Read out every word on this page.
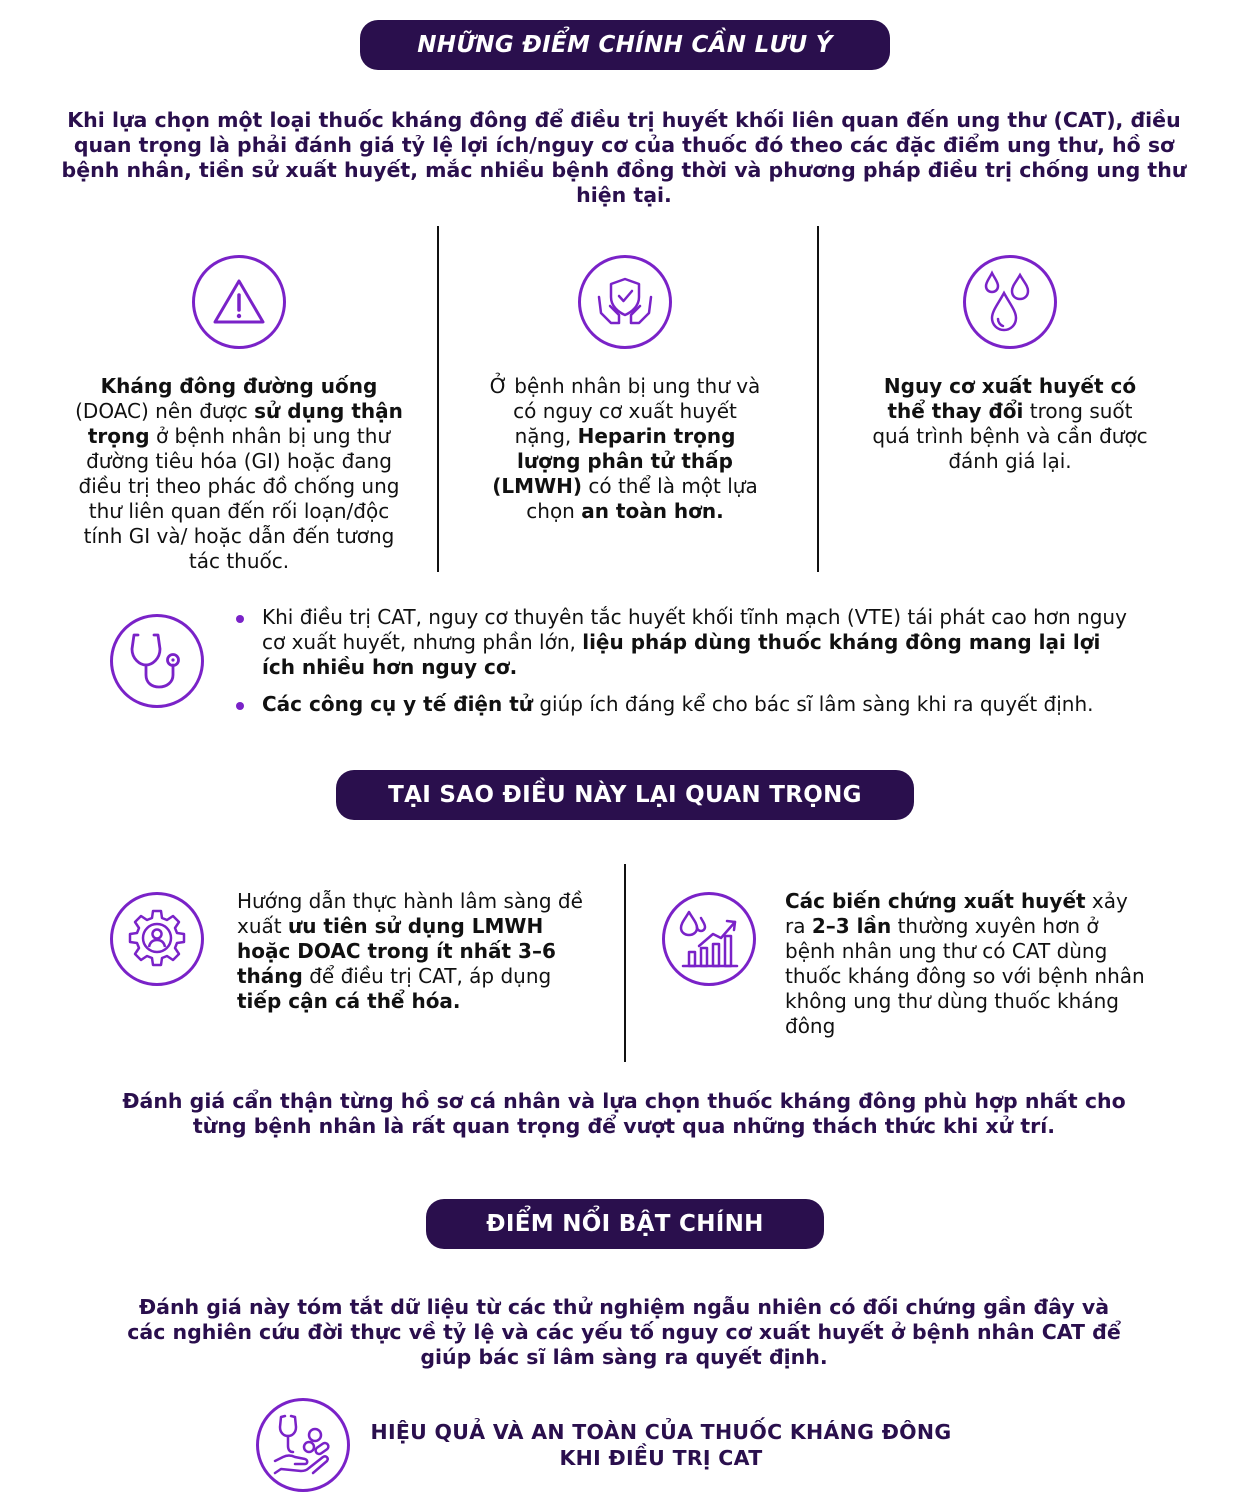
NHỮNG ĐIỂM CHÍNH CẦN LƯU Ý
Khi lựa chọn một loại thuốc kháng đông để điều trị huyết khối liên quan đến ung thư (CAT), điều quan trọng là phải đánh giá tỷ lệ lợi ích/nguy cơ của thuốc đó theo các đặc điểm ung thư, hồ sơ bệnh nhân, tiền sử xuất huyết, mắc nhiều bệnh đồng thời và phương pháp điều trị chống ung thư hiện tại.
Kháng đông đường uống (DOAC) nên được sử dụng thận trọng ở bệnh nhân bị ung thư đường tiêu hóa (GI) hoặc đang điều trị theo phác đồ chống ung thư liên quan đến rối loạn/độc tính GI và/ hoặc dẫn đến tương tác thuốc.
Ở bệnh nhân bị ung thư và có nguy cơ xuất huyết nặng, Heparin trọng lượng phân tử thấp (LMWH) có thể là một lựa chọn an toàn hơn.
Nguy cơ xuất huyết có thể thay đổi trong suốt quá trình bệnh và cần được đánh giá lại.
Khi điều trị CAT, nguy cơ thuyên tắc huyết khối tĩnh mạch (VTE) tái phát cao hơn nguy cơ xuất huyết, nhưng phần lớn, liệu pháp dùng thuốc kháng đông mang lại lợi ích nhiều hơn nguy cơ.
Các công cụ y tế điện tử giúp ích đáng kể cho bác sĩ lâm sàng khi ra quyết định.
TẠI SAO ĐIỀU NÀY LẠI QUAN TRỌNG
Hướng dẫn thực hành lâm sàng đề xuất ưu tiên sử dụng LMWH hoặc DOAC trong ít nhất 3–6 tháng để điều trị CAT, áp dụng tiếp cận cá thể hóa.
Các biến chứng xuất huyết xảy ra 2–3 lần thường xuyên hơn ở bệnh nhân ung thư có CAT dùng thuốc kháng đông so với bệnh nhân không ung thư dùng thuốc kháng đông
Đánh giá cẩn thận từng hồ sơ cá nhân và lựa chọn thuốc kháng đông phù hợp nhất cho từng bệnh nhân là rất quan trọng để vượt qua những thách thức khi xử trí.
ĐIỂM NỔI BẬT CHÍNH
Đánh giá này tóm tắt dữ liệu từ các thử nghiệm ngẫu nhiên có đối chứng gần đây và các nghiên cứu đời thực về tỷ lệ và các yếu tố nguy cơ xuất huyết ở bệnh nhân CAT để giúp bác sĩ lâm sàng ra quyết định.
HIỆU QUẢ VÀ AN TOÀN CỦA THUỐC KHÁNG ĐÔNG
KHI ĐIỀU TRỊ CAT
